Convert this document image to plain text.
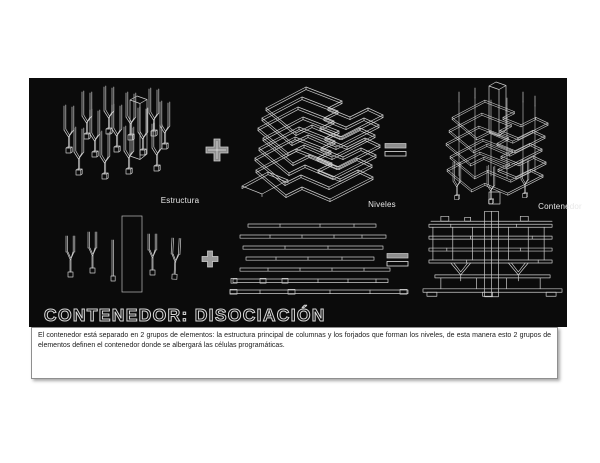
Estructura	Niveles	Contenedor
CONTENEDOR: DISOCIACIÓN
El contenedor está separado en 2 grupos de elementos: la estructura principal de columnas y los forjados que forman los niveles, de esta manera esto 2 grupos de elementos definen el contenedor donde se albergará las células programáticas.
